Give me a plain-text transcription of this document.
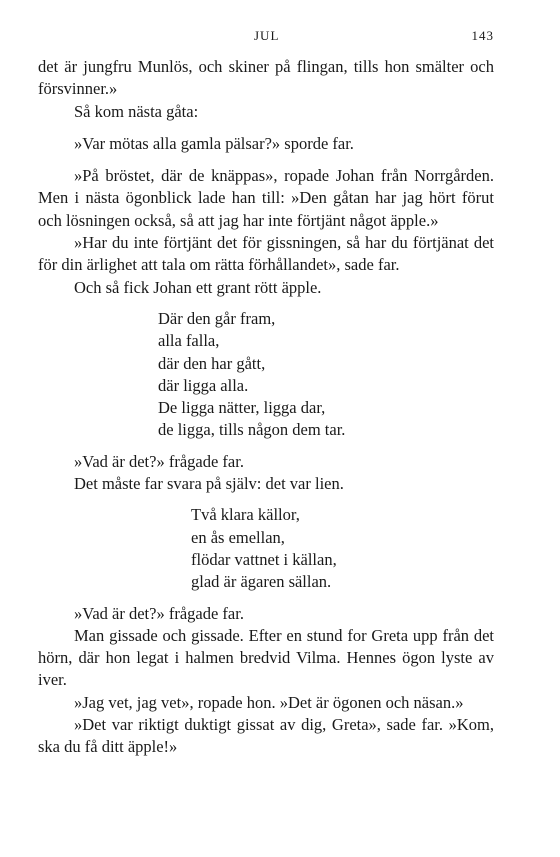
JUL	143

det är jungfru Munlös, och skiner på flingan, tills hon smälter och försvinner.»

Så kom nästa gåta:

»Var mötas alla gamla pälsar?» sporde far.

»På bröstet, där de knäppas», ropade Johan från Norrgården. Men i nästa ögonblick lade han till: »Den gåtan har jag hört förut och lösningen också, så att jag har inte förtjänt något äpple.»

»Har du inte förtjänt det för gissningen, så har du förtjänat det för din ärlighet att tala om rätta förhållandet», sade far.

Och så fick Johan ett grant rött äpple.

Där den går fram,
alla falla,
där den har gått,
där ligga alla.
De ligga nätter, ligga dar,
de ligga, tills någon dem tar.

»Vad är det?» frågade far.

Det måste far svara på själv: det var lien.

Två klara källor,
en ås emellan,
flödar vattnet i källan,
glad är ägaren sällan.

»Vad är det?» frågade far.

Man gissade och gissade. Efter en stund for Greta upp från det hörn, där hon legat i halmen bredvid Vilma. Hennes ögon lyste av iver.

»Jag vet, jag vet», ropade hon. »Det är ögonen och näsan.»

»Det var riktigt duktigt gissat av dig, Greta», sade far. »Kom, ska du få ditt äpple!»
